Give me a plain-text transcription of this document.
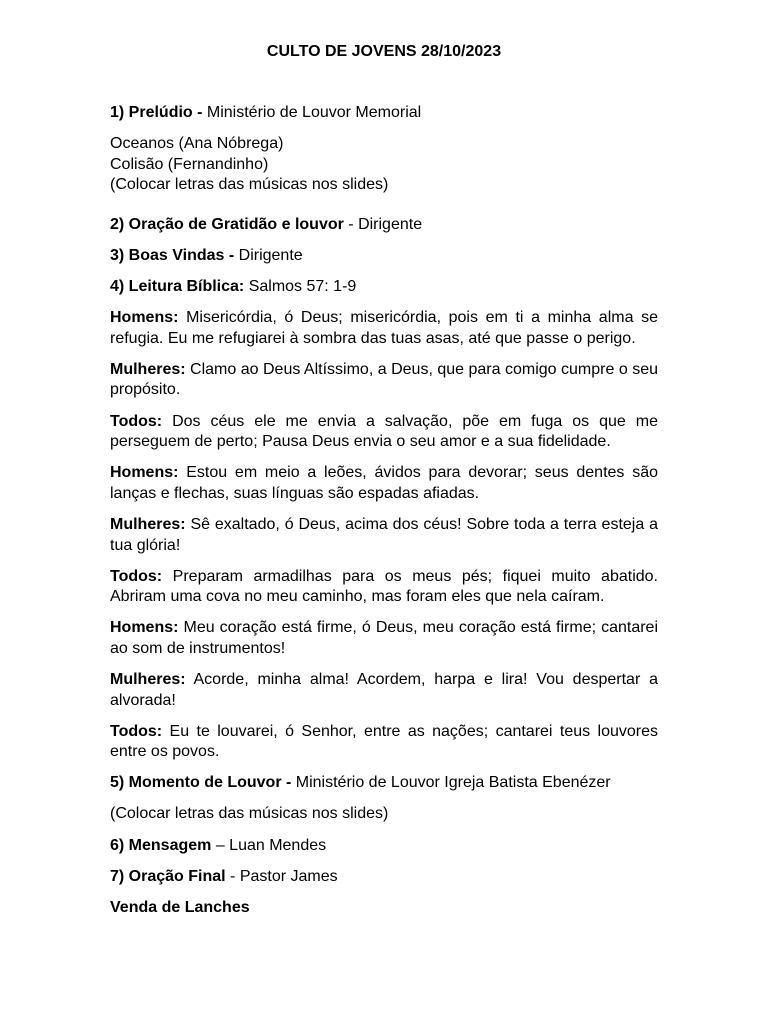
CULTO DE JOVENS 28/10/2023

1) Prelúdio - Ministério de Louvor Memorial

Oceanos (Ana Nóbrega)
Colisão (Fernandinho)
(Colocar letras das músicas nos slides)

2) Oração de Gratidão e louvor - Dirigente

3) Boas Vindas - Dirigente

4) Leitura Bíblica: Salmos 57: 1-9

Homens: Misericórdia, ó Deus; misericórdia, pois em ti a minha alma se refugia. Eu me refugiarei à sombra das tuas asas, até que passe o perigo.

Mulheres: Clamo ao Deus Altíssimo, a Deus, que para comigo cumpre o seu propósito.

Todos: Dos céus ele me envia a salvação, põe em fuga os que me perseguem de perto; Pausa Deus envia o seu amor e a sua fidelidade.

Homens: Estou em meio a leões, ávidos para devorar; seus dentes são lanças e flechas, suas línguas são espadas afiadas.

Mulheres: Sê exaltado, ó Deus, acima dos céus! Sobre toda a terra esteja a tua glória!

Todos: Preparam armadilhas para os meus pés; fiquei muito abatido. Abriram uma cova no meu caminho, mas foram eles que nela caíram.

Homens: Meu coração está firme, ó Deus, meu coração está firme; cantarei ao som de instrumentos!

Mulheres: Acorde, minha alma! Acordem, harpa e lira! Vou despertar a alvorada!

Todos: Eu te louvarei, ó Senhor, entre as nações; cantarei teus louvores entre os povos.

5) Momento de Louvor - Ministério de Louvor Igreja Batista Ebenézer

(Colocar letras das músicas nos slides)

6) Mensagem – Luan Mendes

7) Oração Final - Pastor James

Venda de Lanches
